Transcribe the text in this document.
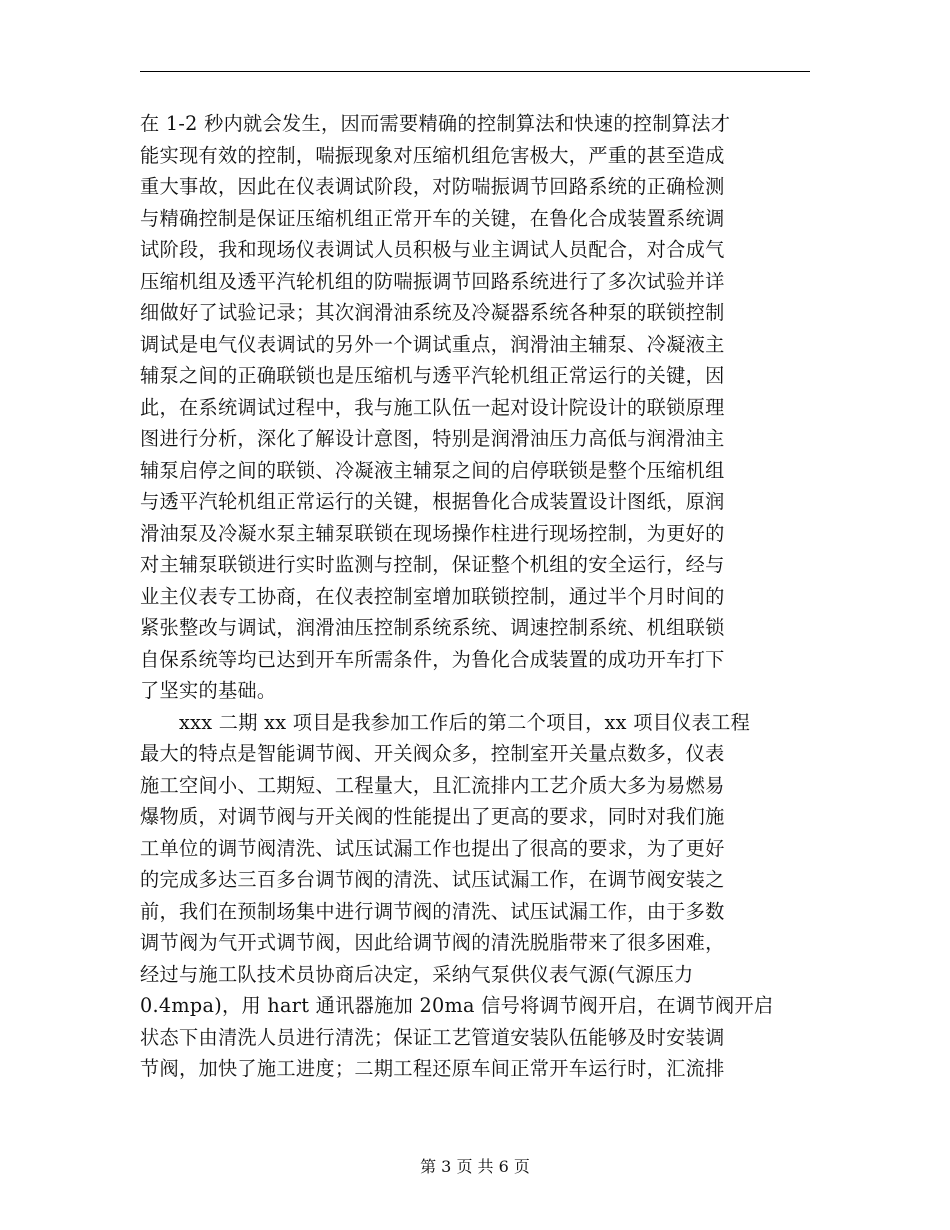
在 1-2 秒内就会发生，因而需要精确的控制算法和快速的控制算法才
能实现有效的控制，喘振现象对压缩机组危害极大，严重的甚至造成
重大事故，因此在仪表调试阶段，对防喘振调节回路系统的正确检测
与精确控制是保证压缩机组正常开车的关键，在鲁化合成装置系统调
试阶段，我和现场仪表调试人员积极与业主调试人员配合，对合成气
压缩机组及透平汽轮机组的防喘振调节回路系统进行了多次试验并详
细做好了试验记录；其次润滑油系统及冷凝器系统各种泵的联锁控制
调试是电气仪表调试的另外一个调试重点，润滑油主辅泵、冷凝液主
辅泵之间的正确联锁也是压缩机与透平汽轮机组正常运行的关键，因
此，在系统调试过程中，我与施工队伍一起对设计院设计的联锁原理
图进行分析，深化了解设计意图，特别是润滑油压力高低与润滑油主
辅泵启停之间的联锁、冷凝液主辅泵之间的启停联锁是整个压缩机组
与透平汽轮机组正常运行的关键，根据鲁化合成装置设计图纸，原润
滑油泵及冷凝水泵主辅泵联锁在现场操作柱进行现场控制，为更好的
对主辅泵联锁进行实时监测与控制，保证整个机组的安全运行，经与
业主仪表专工协商，在仪表控制室增加联锁控制，通过半个月时间的
紧张整改与调试，润滑油压控制系统系统、调速控制系统、机组联锁
自保系统等均已达到开车所需条件，为鲁化合成装置的成功开车打下
了坚实的基础。
　　xxx 二期 xx 项目是我参加工作后的第二个项目，xx 项目仪表工程
最大的特点是智能调节阀、开关阀众多，控制室开关量点数多，仪表
施工空间小、工期短、工程量大，且汇流排内工艺介质大多为易燃易
爆物质，对调节阀与开关阀的性能提出了更高的要求，同时对我们施
工单位的调节阀清洗、试压试漏工作也提出了很高的要求，为了更好
的完成多达三百多台调节阀的清洗、试压试漏工作，在调节阀安装之
前，我们在预制场集中进行调节阀的清洗、试压试漏工作，由于多数
调节阀为气开式调节阀，因此给调节阀的清洗脱脂带来了很多困难，
经过与施工队技术员协商后决定，采纳气泵供仪表气源(气源压力
0.4mpa)，用 hart 通讯器施加 20ma 信号将调节阀开启，在调节阀开启
状态下由清洗人员进行清洗；保证工艺管道安装队伍能够及时安装调
节阀，加快了施工进度；二期工程还原车间正常开车运行时，汇流排
第 3 页 共 6 页
